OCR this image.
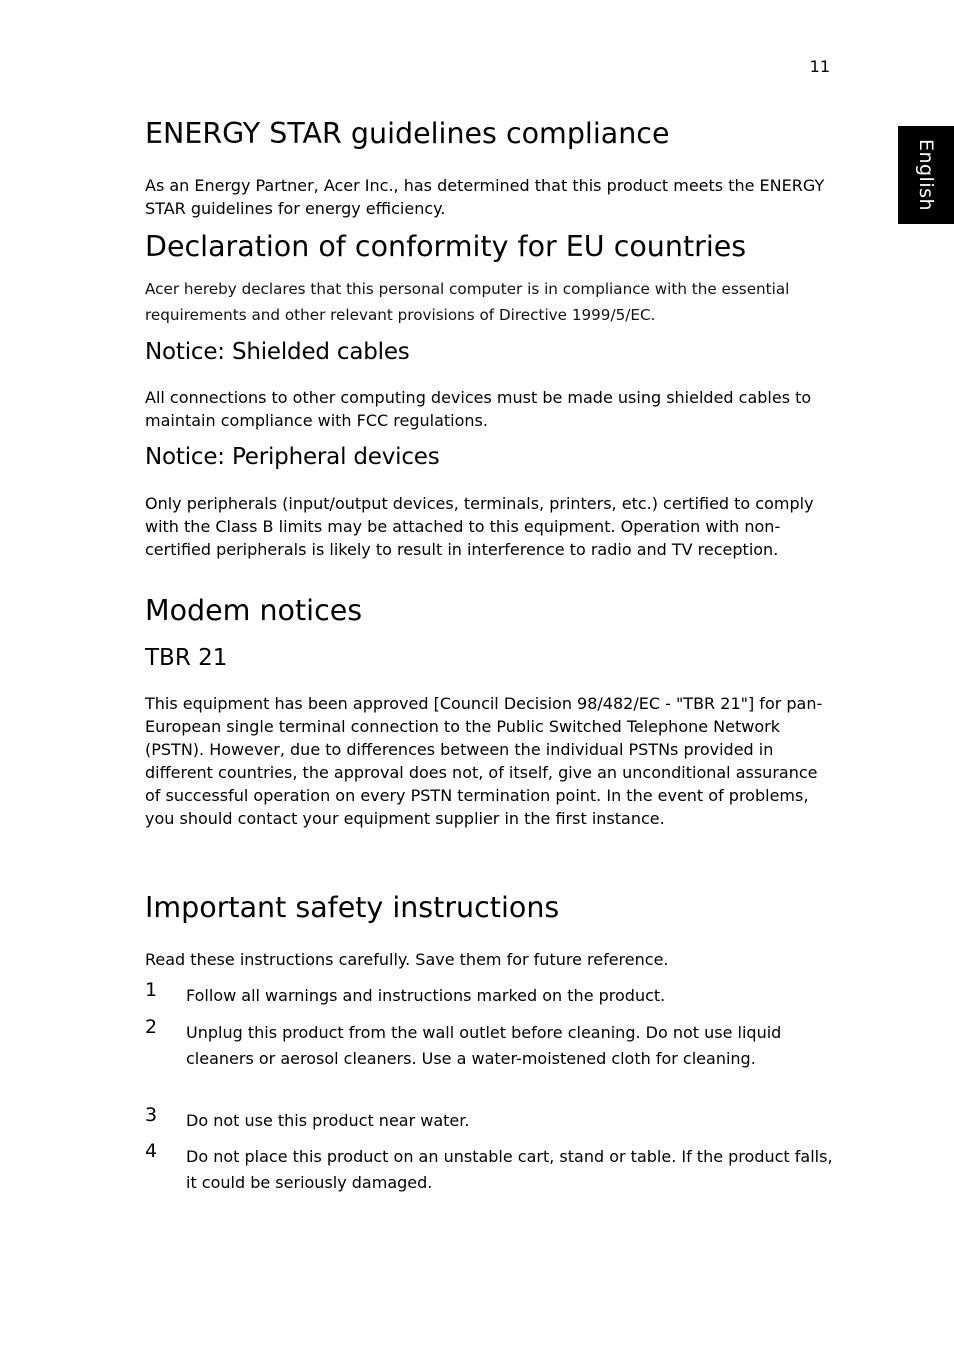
11
English
ENERGY STAR guidelines compliance

As an Energy Partner, Acer Inc., has determined that this product meets the ENERGY STAR guidelines for energy efficiency.

Declaration of conformity for EU countries

Acer hereby declares that this personal computer is in compliance with the essential requirements and other relevant provisions of Directive 1999/5/EC.

Notice: Shielded cables

All connections to other computing devices must be made using shielded cables to maintain compliance with FCC regulations.

Notice: Peripheral devices

Only peripherals (input/output devices, terminals, printers, etc.) certified to comply with the Class B limits may be attached to this equipment. Operation with non-certified peripherals is likely to result in interference to radio and TV reception.

Modem notices
TBR 21

This equipment has been approved [Council Decision 98/482/EC - "TBR 21"] for pan-European single terminal connection to the Public Switched Telephone Network (PSTN). However, due to differences between the individual PSTNs provided in different countries, the approval does not, of itself, give an unconditional assurance of successful operation on every PSTN termination point. In the event of problems, you should contact your equipment supplier in the first instance.

Important safety instructions

Read these instructions carefully. Save them for future reference.

1	Follow all warnings and instructions marked on the product.
2	Unplug this product from the wall outlet before cleaning. Do not use liquid cleaners or aerosol cleaners. Use a water-moistened cloth for cleaning.
3	Do not use this product near water.
4	Do not place this product on an unstable cart, stand or table. If the product falls, it could be seriously damaged.
